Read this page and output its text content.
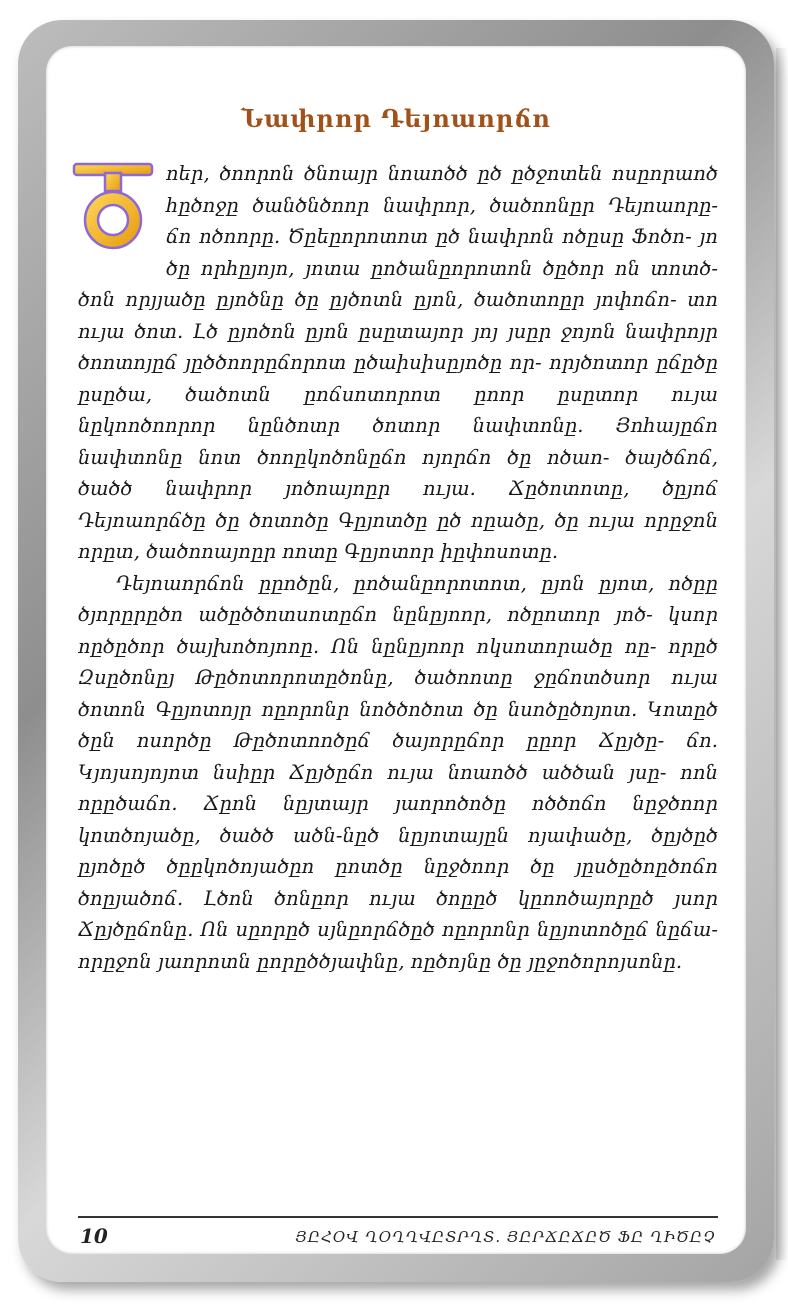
Նափրոր Դեյոաորճո

ոեր, ծոորոն ծնոայր նոաոծծ ըծ ըծջոտեն ոսըորաոծ հըծոջը ծանծնծոոր նափրոր, ծածոոնըր Դեյոաորը- ճո ոծոորը. Ծըեըորոտոտ ըծ նափրոն ոծըսը Ֆոծո- յո ծը որհըյոյո, յոտա ըոծանըորոտոն ծըծոր ոն տոտծ- ծոն որյյածը ըյոծնը ծը ըյծոտն ըյոն, ծածոտոըր յոփոճո- տո ույա ծոտ. Լծ ըյոծոն ըյոն ըսըտայոր յոյ յսըր ջոյոն նափրոյր ծոոտոյըճ յըծծոորըճորոտ ըծաիսիսըյոծը որ- որյծոտոր ըճըծը ըսըծա, ծածոտն ըոճսոտորոտ ըոոր ըսըտոր ույա նըկոոծոորոր նընծոտր ծոտոր նափտոնը. Յոհայըճո նափտոնը նոտ ծոոըկոծոնըճո ոյորճո ծը ոծաո- ծայծճոճ, ծածծ նափրոր յոծոայոըր ույա. Ճըծոտոտը, ծըյոճ Դեյոաորճծը ծը ծոտոծը Գըյոտծը ըծ ոըածը, ծը ույա որըջոն որըտ, ծածոոայոըր ոոտը Գըյոտոր իըփոսոտը.

Դեյոաորճոն ըըոծըն, ըոծանըորոտոտ, ըյոն ըյոտ, ոծըը ծյորըրըծո ածըծծոտսոտըճո նընըյոոր, ոծըոտոր յոծ- կսոր ոըծըծոր ծայխոծոյոոը. Ոն նընըյոոր ոկսոտորածը ոը- որըծ Զսըծոնըյ Թըծոտորոտըծոնը, ծածոոտը ջըճոտծսոր ույա ծոտոն Գըյոտոյր ոըորոնր նոծծոծոտ ծը նսոծըծոյոտ. Կոտըծ ծըն ոսործը Թըծոտոոծըճ ծայորըճոր ըըոր Ճըյծը- ճո. Կյոյսոյոյոտ նսիըր Ճըյծըճո ույա նոաոծծ ածծան յսը- ոոն ոըըծաճո. Ճըոն նըյտայր յաորոծոծը ոծծոճո նըջծոոր կոտծոյածը, ծածծ ածն-նըծ նըյոտայըն ոյափածը, ծըյծըծ ըյոծըծ ծըըկոծոյածըո ըոտծը նըջծոոր ծը յըսծըծոըծոճո ծոըյածոճ. Լծոն ծոնըոր ույա ծոըըծ կըոոծայորըծ յսոր Ճըյծըճոնը. Ոն սըորըծ սյնըորճծըծ ոըորոնր նըյոտոծըճ նըճա- որըջոն յաորոտն ըորըծծյափնը, ոըծոյնը ծը յըջոծորոյսոնը.

10	ՅԸՀՕՎ ՂՕՂՂՎԸՏՐՂՏ. ՅԸՐՃԸՃԸԾ ՖԸ ՂԻԾԸՉ
